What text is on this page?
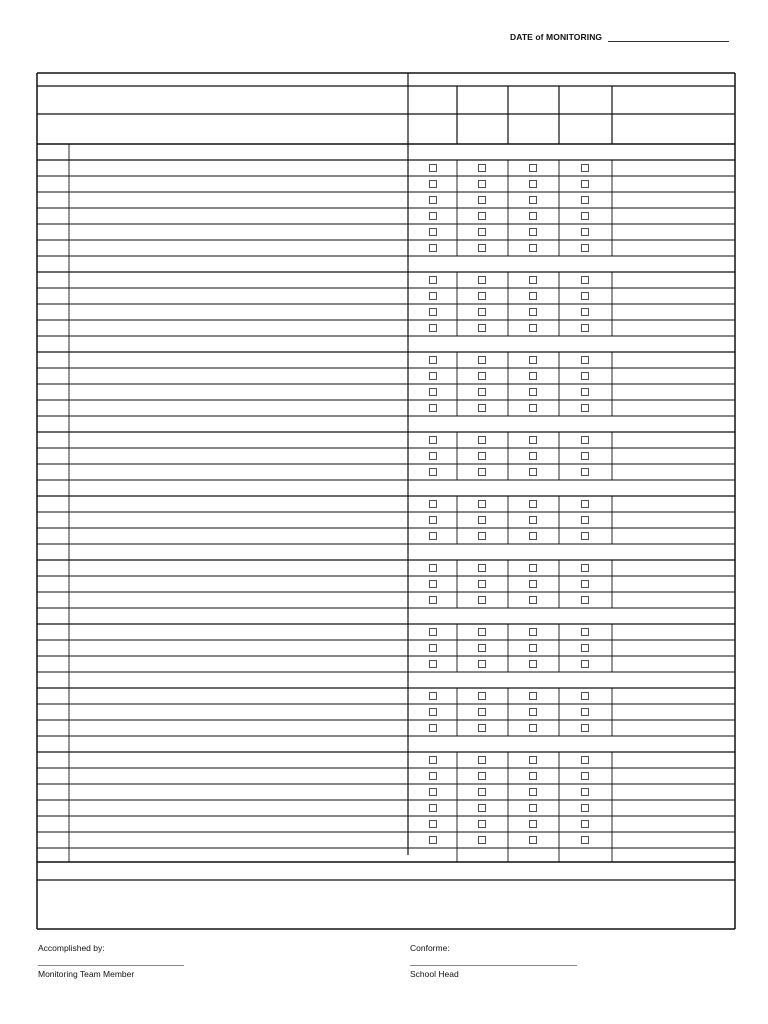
DATE of MONITORING
Accomplished by:
Monitoring Team Member
Conforme:
School Head
